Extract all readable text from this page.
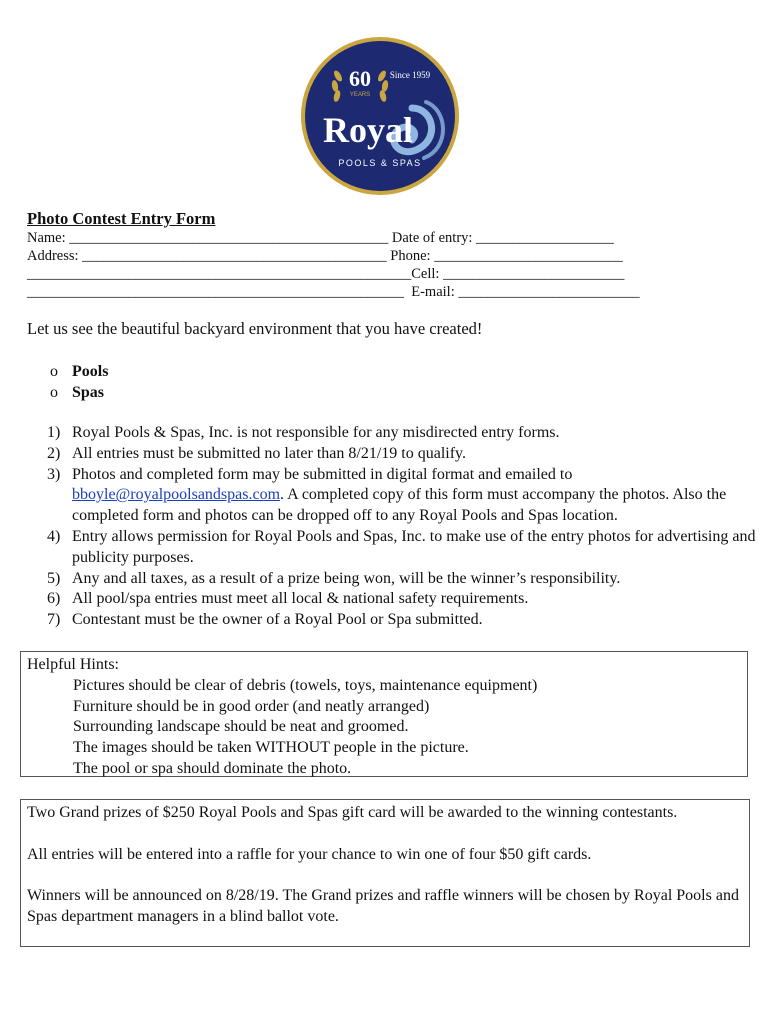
60
YEARS
Since 1959
Royal
POOLS & SPAS
Photo Contest Entry Form
Name: ____________________________________________ Date of entry: ___________________
Address: __________________________________________ Phone: __________________________
_____________________________________________________Cell: _________________________
____________________________________________________  E-mail: _________________________
Let us see the beautiful backyard environment that you have created!
o Pools
o Spas
1) Royal Pools & Spas, Inc. is not responsible for any misdirected entry forms.
2) All entries must be submitted no later than 8/21/19 to qualify.
3) Photos and completed form may be submitted in digital format and emailed to bboyle@royalpoolsandspas.com. A completed copy of this form must accompany the photos. Also the completed form and photos can be dropped off to any Royal Pools and Spas location.
4) Entry allows permission for Royal Pools and Spas, Inc. to make use of the entry photos for advertising and publicity purposes.
5) Any and all taxes, as a result of a prize being won, will be the winner’s responsibility.
6) All pool/spa entries must meet all local & national safety requirements.
7) Contestant must be the owner of a Royal Pool or Spa submitted.
Helpful Hints:
Pictures should be clear of debris (towels, toys, maintenance equipment)
Furniture should be in good order (and neatly arranged)
Surrounding landscape should be neat and groomed.
The images should be taken WITHOUT people in the picture.
The pool or spa should dominate the photo.

Two Grand prizes of $250 Royal Pools and Spas gift card will be awarded to the winning contestants.

All entries will be entered into a raffle for your chance to win one of four $50 gift cards.

Winners will be announced on 8/28/19. The Grand prizes and raffle winners will be chosen by Royal Pools and Spas department managers in a blind ballot vote.
